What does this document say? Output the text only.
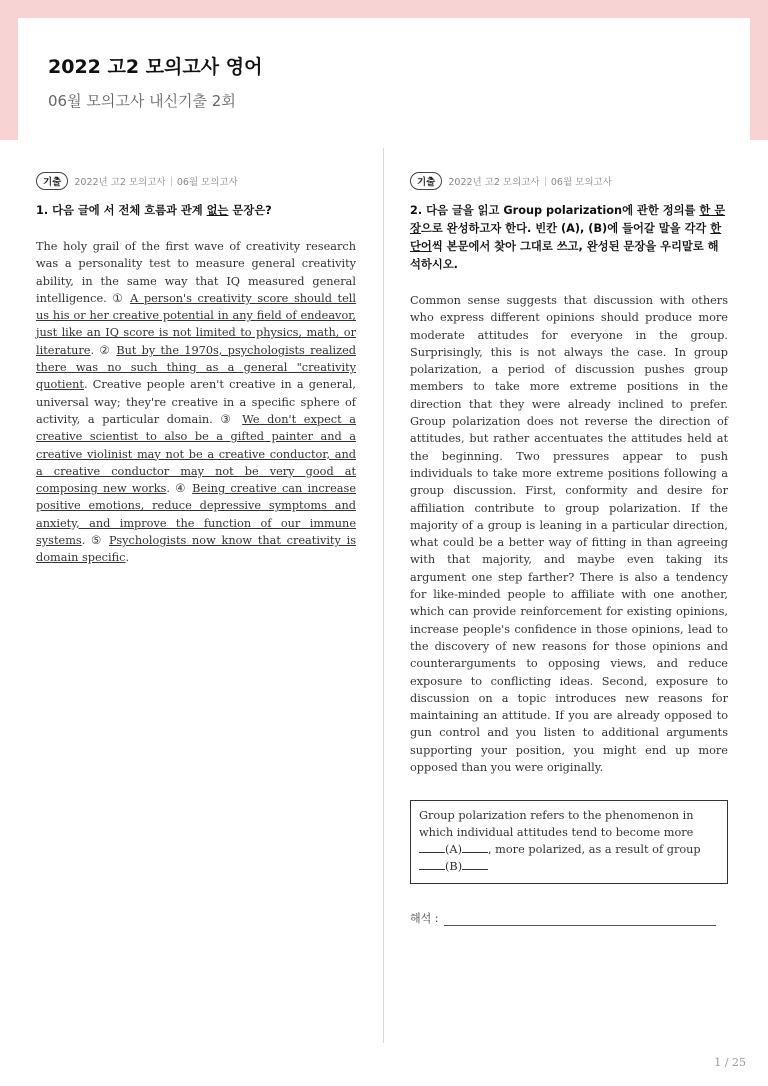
2022 고2 모의고사 영어
06월 모의고사 내신기출 2회
기출	2022년 고2 모의고사 | 06월 모의고사
1. 다음 글에 서 전체 흐름과 관계 없는 문장은?
The holy grail of the first wave of creativity research was a personality test to measure general creativity ability, in the same way that IQ measured general intelligence. ① A person's creativity score should tell us his or her creative potential in any field of endeavor, just like an IQ score is not limited to physics, math, or literature. ② But by the 1970s, psychologists realized there was no such thing as a general "creativity quotient. Creative people aren't creative in a general, universal way; they're creative in a specific sphere of activity, a particular domain. ③ We don't expect a creative scientist to also be a gifted painter and a creative violinist may not be a creative conductor, and a creative conductor may not be very good at composing new works. ④ Being creative can increase positive emotions, reduce depressive symptoms and anxiety, and improve the function of our immune systems. ⑤ Psychologists now know that creativity is domain specific.
기출	2022년 고2 모의고사 | 06월 모의고사
2. 다음 글을 읽고 Group polarization에 관한 정의를 한 문장으로 완성하고자 한다. 빈칸 (A), (B)에 들어갈 말을 각각 한 단어씩 본문에서 찾아 그대로 쓰고, 완성된 문장을 우리말로 해석하시오.
Common sense suggests that discussion with others who express different opinions should produce more moderate attitudes for everyone in the group. Surprisingly, this is not always the case. In group polarization, a period of discussion pushes group members to take more extreme positions in the direction that they were already inclined to prefer. Group polarization does not reverse the direction of attitudes, but rather accentuates the attitudes held at the beginning. Two pressures appear to push individuals to take more extreme positions following a group discussion. First, conformity and desire for affiliation contribute to group polarization. If the majority of a group is leaning in a particular direction, what could be a better way of fitting in than agreeing with that majority, and maybe even taking its argument one step farther? There is also a tendency for like-minded people to affiliate with one another, which can provide reinforcement for existing opinions, increase people's confidence in those opinions, lead to the discovery of new reasons for those opinions and counterarguments to opposing views, and reduce exposure to conflicting ideas. Second, exposure to discussion on a topic introduces new reasons for maintaining an attitude. If you are already opposed to gun control and you listen to additional arguments supporting your position, you might end up more opposed than you were originally.
Group polarization refers to the phenomenon in which individual attitudes tend to become more (A) , more polarized, as a result of group (B)
해석 :
1 / 25
